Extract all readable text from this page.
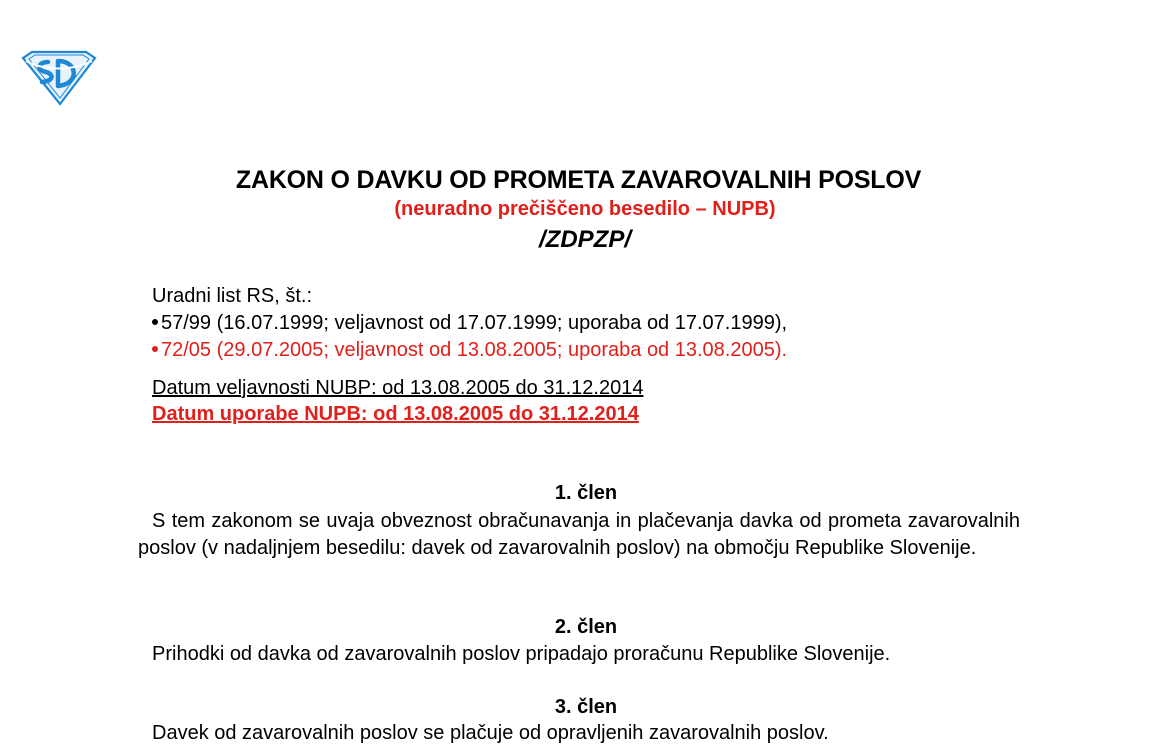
ZAKON O DAVKU OD PROMETA ZAVAROVALNIH POSLOV
(neuradno prečiščeno besedilo – NUPB)
/ZDPZP/
Uradni list RS, št.:
57/99 (16.07.1999; veljavnost od 17.07.1999; uporaba od 17.07.1999),
72/05 (29.07.2005; veljavnost od 13.08.2005; uporaba od 13.08.2005).
Datum veljavnosti NUBP: od 13.08.2005 do 31.12.2014
Datum uporabe NUPB: od 13.08.2005 do 31.12.2014
1. člen
S tem zakonom se uvaja obveznost obračunavanja in plačevanja davka od prometa zavarovalnih poslov (v nadaljnjem besedilu: davek od zavarovalnih poslov) na območju Republike Slovenije.
2. člen
Prihodki od davka od zavarovalnih poslov pripadajo proračunu Republike Slovenije.
3. člen
Davek od zavarovalnih poslov se plačuje od opravljenih zavarovalnih poslov.
